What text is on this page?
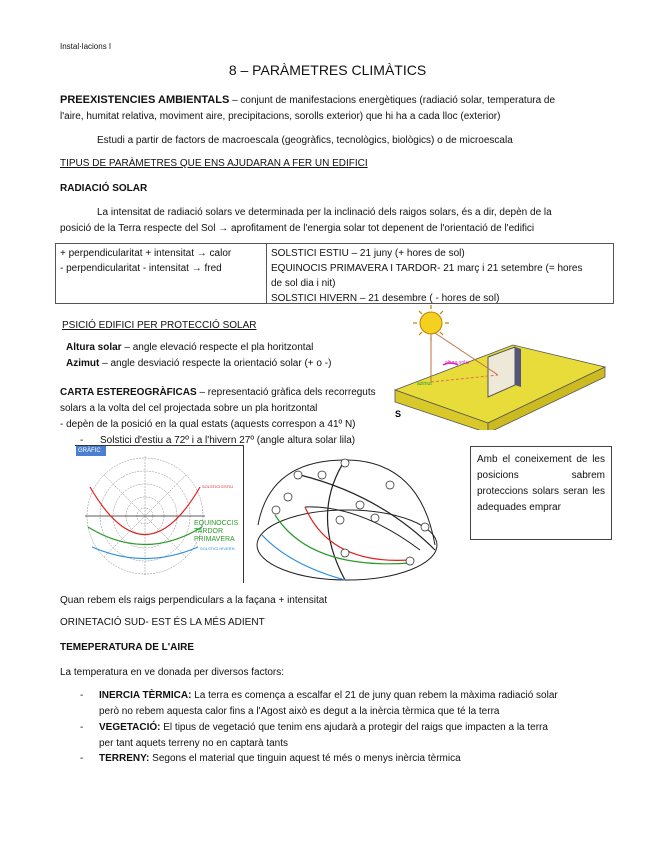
Instal·lacions I
8 – PARÀMETRES CLIMÀTICS
PREEXISTENCIES AMBIENTALS – conjunt de manifestacions energètiques (radiació solar, temperatura de
l'aire, humitat relativa, moviment aire, precipitacions, sorolls exterior) que hi ha a cada lloc (exterior)
Estudi a partir de factors de macroescala (geogràfics, tecnològics, biològics) o de microescala
TIPUS DE PARÀMETRES QUE ENS AJUDARAN A FER UN EDIFICI
RADIACIÓ SOLAR
La intensitat de radiació solars ve determinada per la inclinació dels raigos solars, és a dir, depèn de la
posició de la Terra respecte del Sol → aprofitament de l'energia solar tot depenent de l'orientació de l'edifici
+ perpendicularitat + intensitat → calor
- perpendicularitat - intensitat → fred
SOLSTICI ESTIU – 21 juny (+ hores de sol)
EQUINOCIS PRIMAVERA I TARDOR- 21 març i 21 setembre (= hores
de sol dia i nit)
SOLSTICI HIVERN – 21 desembre ( - hores de sol)
PSICIÓ EDIFICI PER PROTECCIÓ SOLAR
Altura solar – angle elevació respecte el pla horitzontal
Azimut – angle desviació respecte la orientació solar (+ o -)
CARTA ESTEREOGRÀFICAS – representació gràfica dels recorreguts
solars a la volta del cel projectada sobre un pla horitzontal
- depèn de la posició en la qual estats (aquests correspon a 41º N)
- Solstici d'estiu a 72º i a l'hivern 27º (angle altura solar lila)
altura solar
azimut
S
GRÀFIC
SOLSTICI ESTIU
SOLSTICI HIVERN
EQUINOCCIS TARDOR PRIMAVERA
Amb el coneixement de les posicions sabrem proteccions solars seran les adequades emprar
Quan rebem els raigs perpendiculars a la façana + intensitat
ORINETACIÓ SUD- EST ÉS LA MÉS ADIENT
TEMEPERATURA DE L'AIRE
La temperatura en ve donada per diversos factors:
- INERCIA TÈRMICA: La terra es comença a escalfar el 21 de juny quan rebem la màxima radiació solar
però no rebem aquesta calor fins a l'Agost això es degut a la inèrcia tèrmica que té la terra
- VEGETACIÓ: El tipus de vegetació que tenim ens ajudarà a protegir del raigs que impacten a la terra
per tant aquets terreny no en captarà tants
- TERRENY: Segons el material que tinguin aquest té més o menys inèrcia tèrmica
